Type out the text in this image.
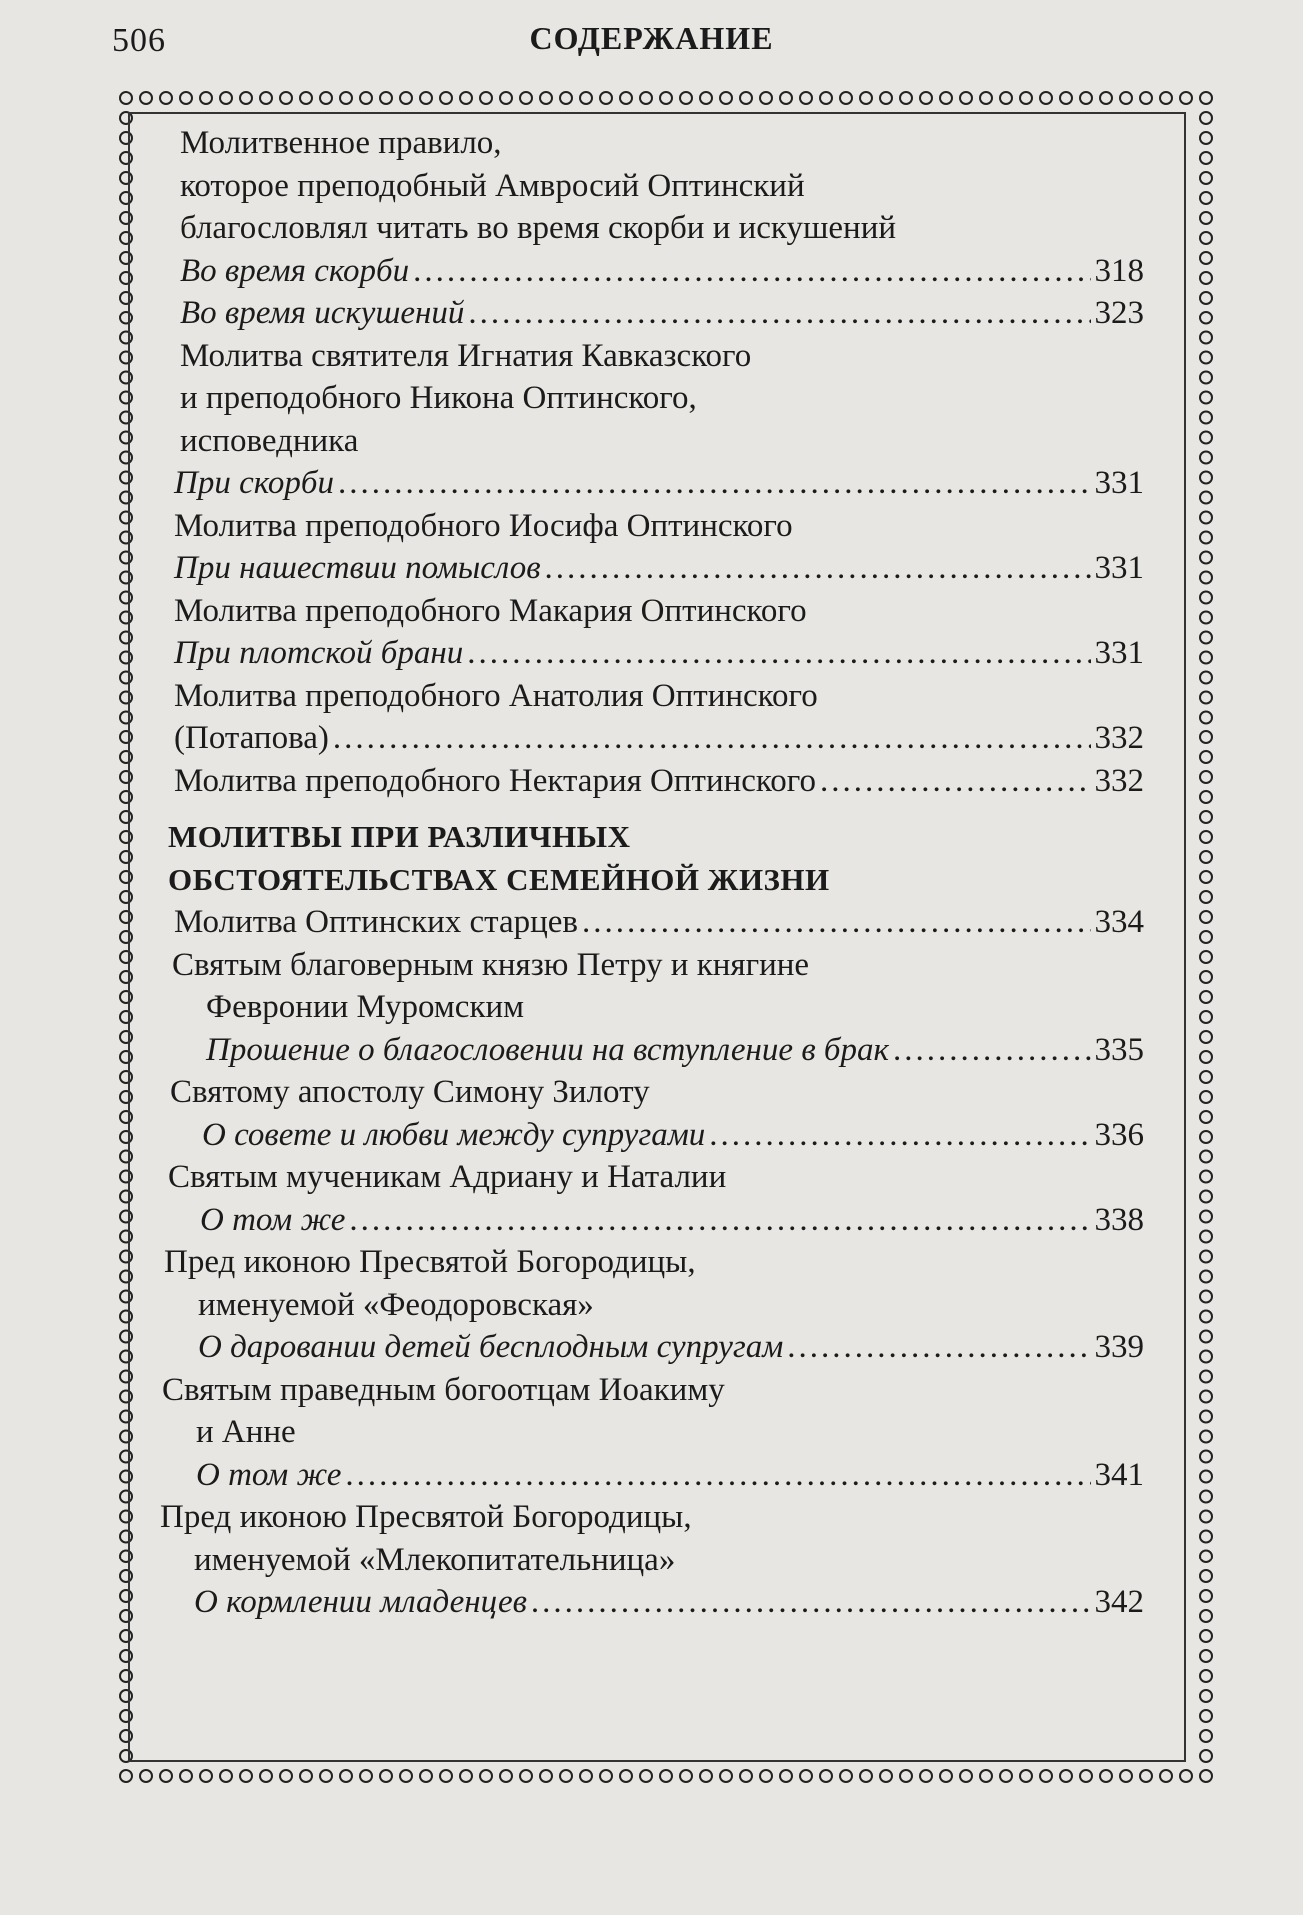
506	СОДЕРЖАНИЕ
Молитвенное правило,
которое преподобный Амвросий Оптинский
благословлял читать во время скорби и искушений
Во время скорби .....	318
Во время искушений .....	323
Молитва святителя Игнатия Кавказского
и преподобного Никона Оптинского,
исповедника
При скорби .....	331
Молитва преподобного Иосифа Оптинского
При нашествии помыслов .....	331
Молитва преподобного Макария Оптинского
При плотской брани .....	331
Молитва преподобного Анатолия Оптинского
(Потапова) .....	332
Молитва преподобного Нектария Оптинского .....	332
МОЛИТВЫ ПРИ РАЗЛИЧНЫХ
ОБСТОЯТЕЛЬСТВАХ СЕМЕЙНОЙ ЖИЗНИ
Молитва Оптинских старцев .....	334
Святым благоверным князю Петру и княгине
Февронии Муромским
Прошение о благословении на вступление в брак .....	335
Святому апостолу Симону Зилоту
О совете и любви между супругами .....	336
Святым мученикам Адриану и Наталии
О том же .....	338
Пред иконою Пресвятой Богородицы,
именуемой «Феодоровская»
О даровании детей бесплодным супругам .....	339
Святым праведным богоотцам Иоакиму
и Анне
О том же .....	341
Пред иконою Пресвятой Богородицы,
именуемой «Млекопитательница»
О кормлении младенцев .....	342
